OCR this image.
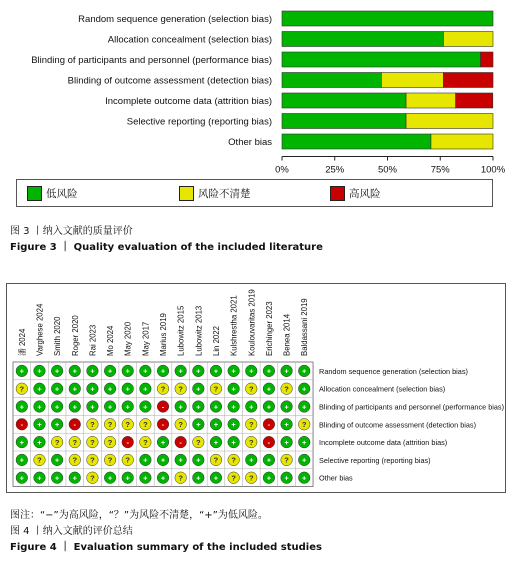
Random sequence generation (selection bias)
Allocation concealment (selection bias)
Blinding of participants and personnel (performance bias)
Blinding of outcome assessment (detection bias)
Incomplete outcome data (attrition bias)
Selective reporting (reporting bias)
Other bias
0%	25%	50%	75%	100%
低风险	风险不清楚	高风险
图 3 丨纳入文献的质量评价
Figure 3 ｜ Quality evaluation of the included literature
潘 2024 Varghese 2024 Smith 2020 Roger 2020 Rai 2023 Mo 2024 May 2020 May 2017 Marius 2019 Lubowitz 2015 Lubowitz 2013 Lin 2022 Kulshrestha 2021 Koulouvaritas 2019 Erichinger 2023 Benea 2014 Baldassani 2019
Random sequence generation (selection bias)
+ + + + + + + + + + + + + + + + +
Allocation concealment (selection bias)
? + + + + + + + ? ? + ? + ? + ? +
Blinding of participants and personnel (performance bias)
+ + + + + + + + - + + + + + + + +
Blinding of outcome assessment (detection bias)
- + + - ? ? ? ? - ? + + + ? - + ?
Incomplete outcome data (attrition bias)
+ + ? ? ? ? - ? + - ? + + ? - + +
Selective reporting (reporting bias)
+ ? + ? ? ? ? + + + + ? ? + + ? +
Other bias
+ + + + ? + + + + ? + + ? ? + + +
图注：“−”为高风险，“？”为风险不清楚，“+”为低风险。
图 4 丨纳入文献的评价总结
Figure 4 ｜ Evaluation summary of the included studies
